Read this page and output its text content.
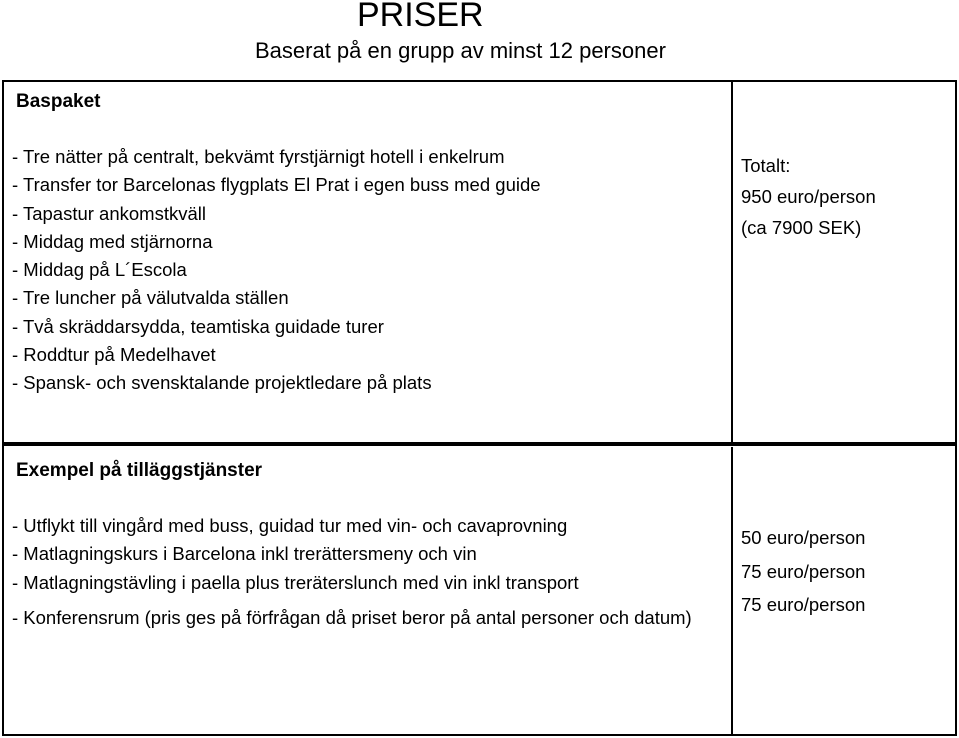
PRISER
Baserat på en grupp av minst 12 personer
Baspaket
- Tre nätter på centralt, bekvämt fyrstjärnigt hotell i enkelrum
- Transfer tor Barcelonas flygplats El Prat i egen buss med guide
- Tapastur ankomstkväll
- Middag med stjärnorna
- Middag på L´Escola
- Tre luncher på välutvalda ställen
- Två skräddarsydda, teamtiska guidade turer
- Roddtur på Medelhavet
- Spansk- och svensktalande projektledare på plats
Totalt:
950 euro/person
(ca 7900 SEK)
Exempel på tilläggstjänster
- Utflykt till vingård med buss, guidad tur med vin- och cavaprovning
- Matlagningskurs i Barcelona inkl trerättersmeny och vin
- Matlagningstävling i paella plus treräterslunch med vin inkl transport
- Konferensrum (pris ges på förfrågan då priset beror på antal personer och datum)
50 euro/person
75 euro/person
75 euro/person
